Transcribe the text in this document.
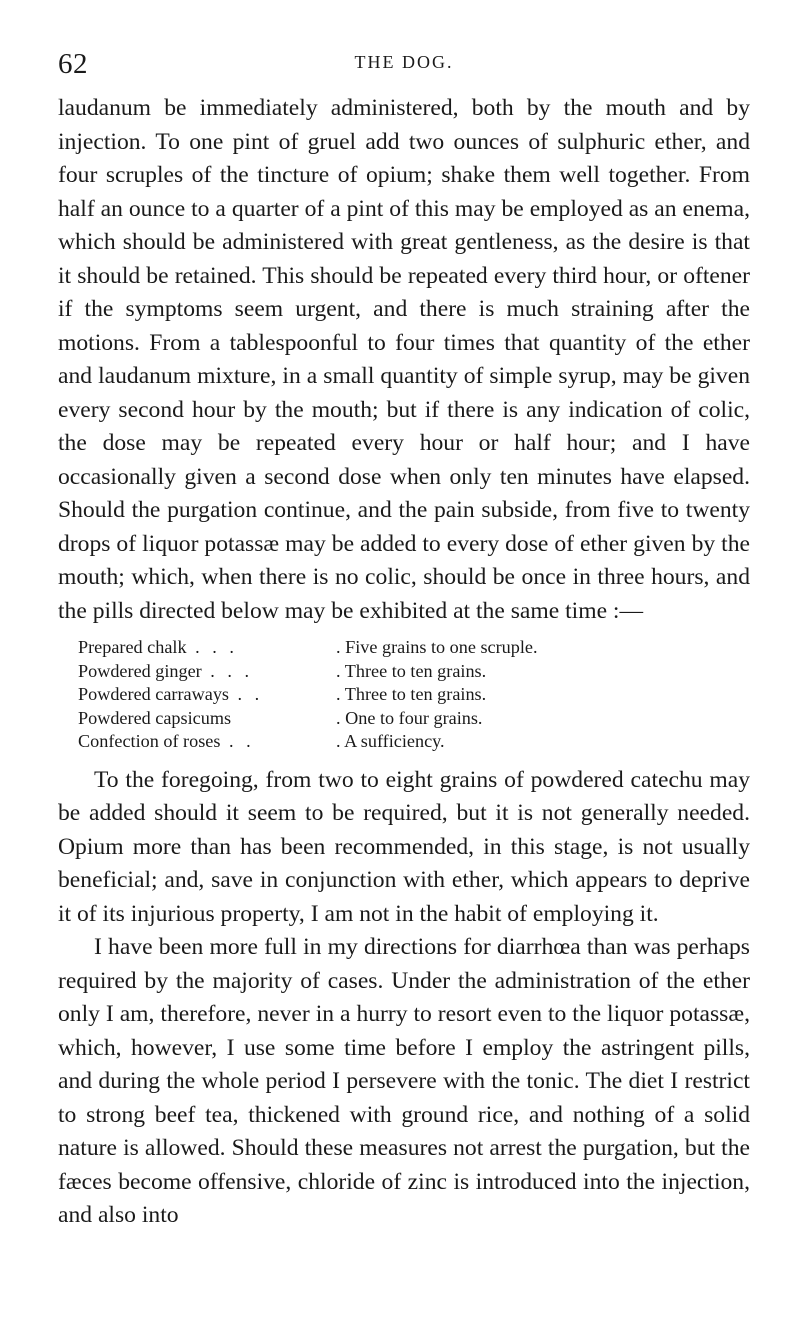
62	THE DOG.

laudanum be immediately administered, both by the mouth and by injection. To one pint of gruel add two ounces of sulphuric ether, and four scruples of the tincture of opium; shake them well together. From half an ounce to a quarter of a pint of this may be employed as an enema, which should be administered with great gentleness, as the desire is that it should be retained. This should be repeated every third hour, or oftener if the symptoms seem urgent, and there is much straining after the motions. From a tablespoonful to four times that quantity of the ether and laudanum mixture, in a small quantity of simple syrup, may be given every second hour by the mouth; but if there is any indication of colic, the dose may be repeated every hour or half hour; and I have occasionally given a second dose when only ten minutes have elapsed. Should the purgation continue, and the pain subside, from five to twenty drops of liquor potassæ may be added to every dose of ether given by the mouth; which, when there is no colic, should be once in three hours, and the pills directed below may be exhibited at the same time :—

Prepared chalk . . .	. Five grains to one scruple.
Powdered ginger . . .	. Three to ten grains.
Powdered carraways . .	. Three to ten grains.
Powdered capsicums	. One to four grains.
Confection of roses . .	. A sufficiency.

To the foregoing, from two to eight grains of powdered catechu may be added should it seem to be required, but it is not generally needed. Opium more than has been recommended, in this stage, is not usually beneficial; and, save in conjunction with ether, which appears to deprive it of its injurious property, I am not in the habit of employing it.

I have been more full in my directions for diarrhœa than was perhaps required by the majority of cases. Under the administration of the ether only I am, therefore, never in a hurry to resort even to the liquor potassæ, which, however, I use some time before I employ the astringent pills, and during the whole period I persevere with the tonic. The diet I restrict to strong beef tea, thickened with ground rice, and nothing of a solid nature is allowed. Should these measures not arrest the purgation, but the fæces become offensive, chloride of zinc is introduced into the injection, and also into
